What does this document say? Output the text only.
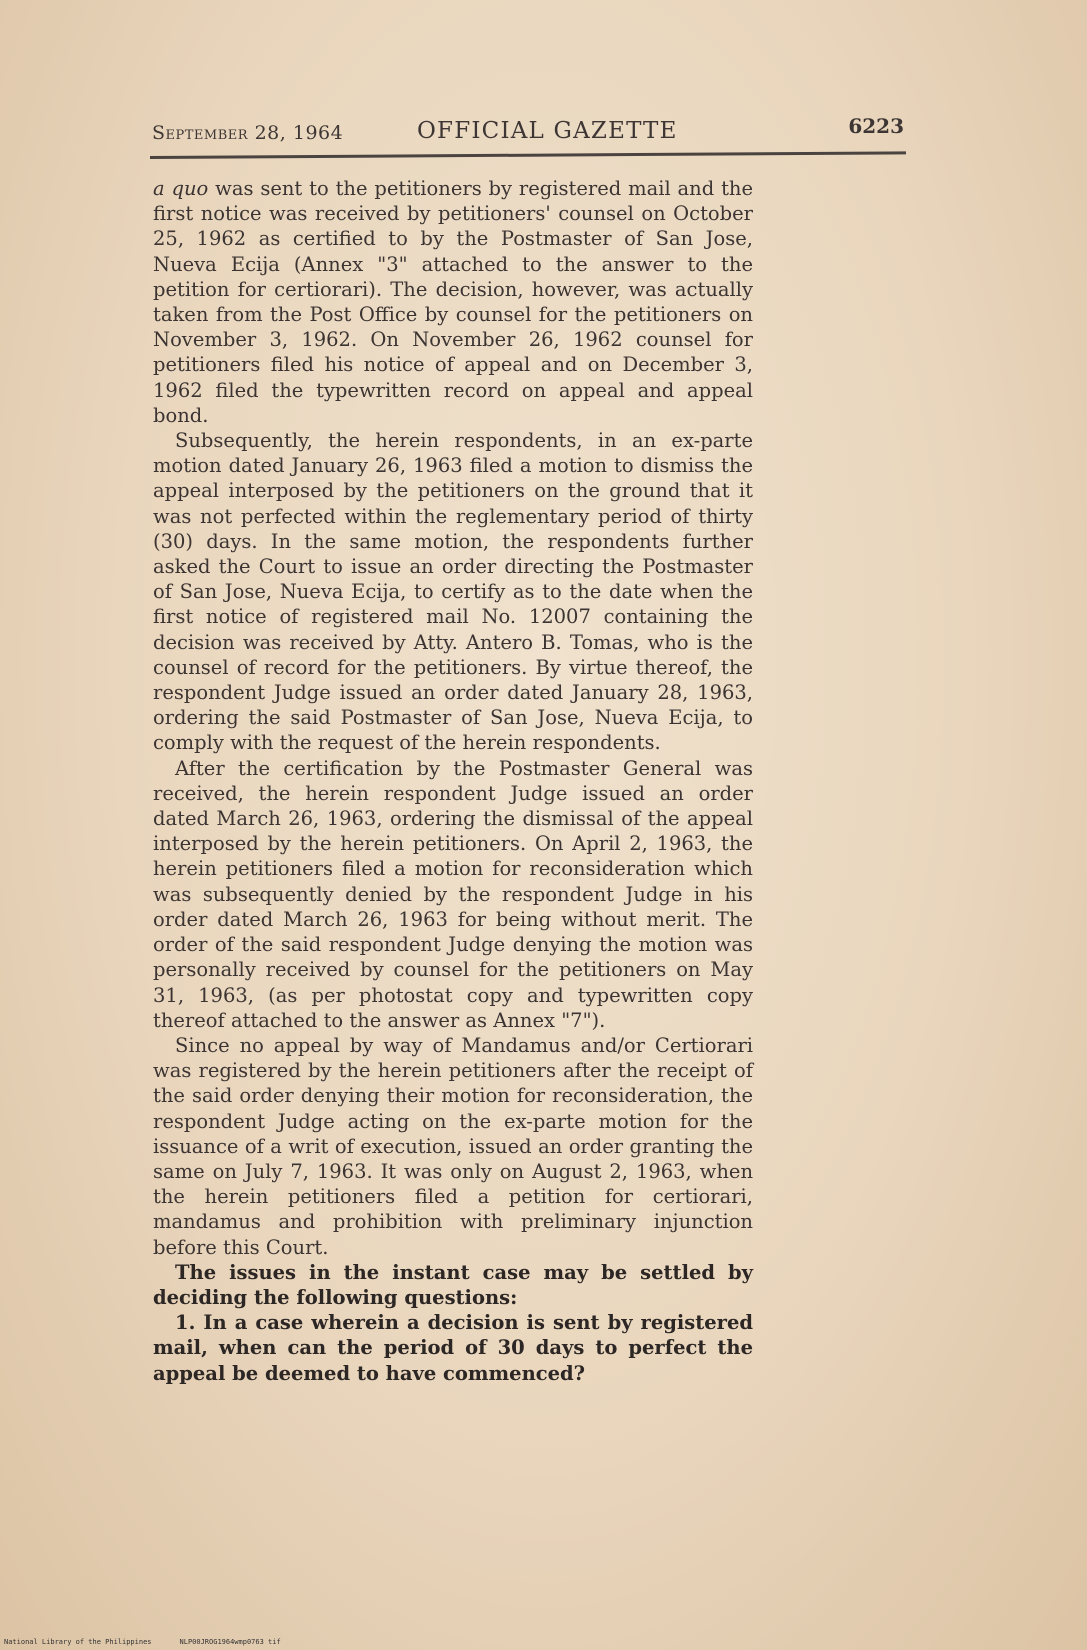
September 28, 1964	OFFICIAL GAZETTE	6223

a quo was sent to the petitioners by registered mail and the first notice was received by petitioners' counsel on October 25, 1962 as certified to by the Postmaster of San Jose, Nueva Ecija (Annex "3" attached to the answer to the petition for certiorari). The decision, however, was actually taken from the Post Office by counsel for the petitioners on November 3, 1962. On November 26, 1962 counsel for petitioners filed his notice of appeal and on December 3, 1962 filed the typewritten record on appeal and appeal bond.

Subsequently, the herein respondents, in an ex-parte motion dated January 26, 1963 filed a motion to dismiss the appeal interposed by the petitioners on the ground that it was not perfected within the reglementary period of thirty (30) days. In the same motion, the respondents further asked the Court to issue an order directing the Postmaster of San Jose, Nueva Ecija, to certify as to the date when the first notice of registered mail No. 12007 containing the decision was received by Atty. Antero B. Tomas, who is the counsel of record for the petitioners. By virtue thereof, the respondent Judge issued an order dated January 28, 1963, ordering the said Postmaster of San Jose, Nueva Ecija, to comply with the request of the herein respondents.

After the certification by the Postmaster General was received, the herein respondent Judge issued an order dated March 26, 1963, ordering the dismissal of the appeal interposed by the herein petitioners. On April 2, 1963, the herein petitioners filed a motion for reconsideration which was subsequently denied by the respondent Judge in his order dated March 26, 1963 for being without merit. The order of the said respondent Judge denying the motion was personally received by counsel for the petitioners on May 31, 1963, (as per photostat copy and typewritten copy thereof attached to the answer as Annex "7").

Since no appeal by way of Mandamus and/or Certiorari was registered by the herein petitioners after the receipt of the said order denying their motion for reconsideration, the respondent Judge acting on the ex-parte motion for the issuance of a writ of execution, issued an order granting the same on July 7, 1963. It was only on August 2, 1963, when the herein petitioners filed a petition for certiorari, mandamus and prohibition with preliminary injunction before this Court.

The issues in the instant case may be settled by deciding the following questions:

1. In a case wherein a decision is sent by registered mail, when can the period of 30 days to perfect the appeal be deemed to have commenced?

National Library of the Philippines	NLP00JROG1964wmp0763 tif
